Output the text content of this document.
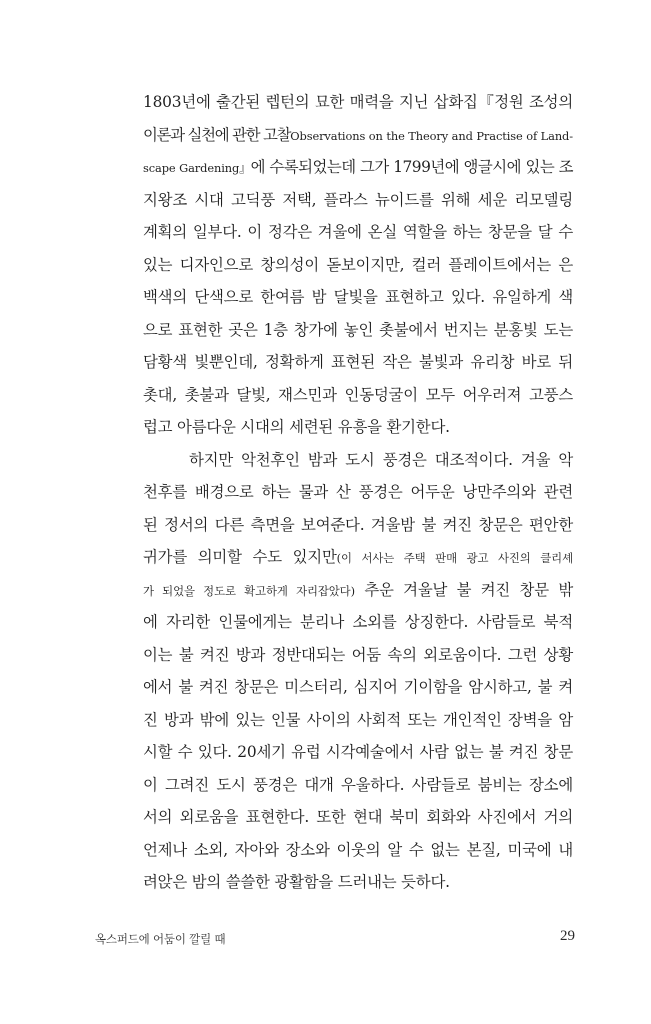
1803년에 출간된 렙턴의 묘한 매력을 지닌 삽화집『정원 조성의
이론과 실천에 관한 고찰Observations on the Theory and Practise of Land-
scape Gardening』에 수록되었는데 그가 1799년에 앵글시에 있는 조
지왕조 시대 고딕풍 저택, 플라스 뉴이드를 위해 세운 리모델링
계획의 일부다. 이 정각은 겨울에 온실 역할을 하는 창문을 달 수
있는 디자인으로 창의성이 돋보이지만, 컬러 플레이트에서는 은
백색의 단색으로 한여름 밤 달빛을 표현하고 있다. 유일하게 색
으로 표현한 곳은 1층 창가에 놓인 촛불에서 번지는 분홍빛 도는
담황색 빛뿐인데, 정확하게 표현된 작은 불빛과 유리창 바로 뒤
촛대, 촛불과 달빛, 재스민과 인동덩굴이 모두 어우러져 고풍스
럽고 아름다운 시대의 세련된 유흥을 환기한다.
하지만 악천후인 밤과 도시 풍경은 대조적이다. 겨울 악
천후를 배경으로 하는 물과 산 풍경은 어두운 낭만주의와 관련
된 정서의 다른 측면을 보여준다. 겨울밤 불 켜진 창문은 편안한
귀가를 의미할 수도 있지만(이 서사는 주택 판매 광고 사진의 클리셰
가 되었을 정도로 확고하게 자리잡았다) 추운 겨울날 불 켜진 창문 밖
에 자리한 인물에게는 분리나 소외를 상징한다. 사람들로 북적
이는 불 켜진 방과 정반대되는 어둠 속의 외로움이다. 그런 상황
에서 불 켜진 창문은 미스터리, 심지어 기이함을 암시하고, 불 켜
진 방과 밖에 있는 인물 사이의 사회적 또는 개인적인 장벽을 암
시할 수 있다. 20세기 유럽 시각예술에서 사람 없는 불 켜진 창문
이 그려진 도시 풍경은 대개 우울하다. 사람들로 붐비는 장소에
서의 외로움을 표현한다. 또한 현대 북미 회화와 사진에서 거의
언제나 소외, 자아와 장소와 이웃의 알 수 없는 본질, 미국에 내
려앉은 밤의 쓸쓸한 광활함을 드러내는 듯하다.
옥스퍼드에 어둠이 깔릴 때	29
